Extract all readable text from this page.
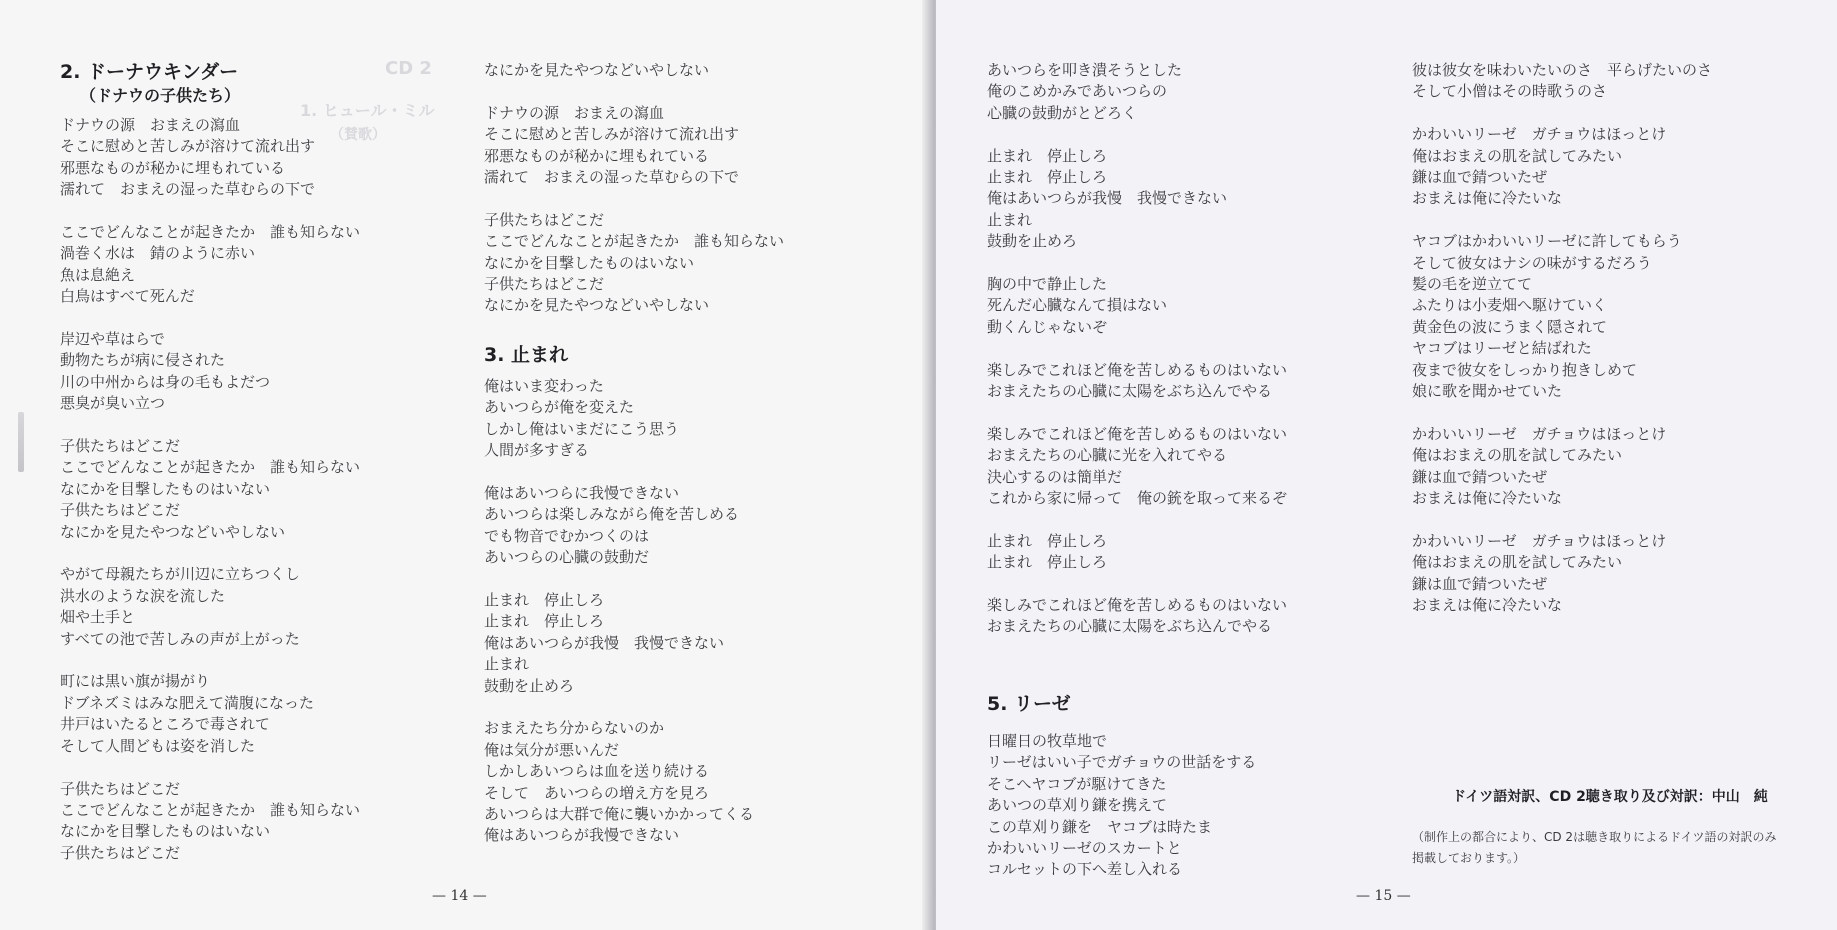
CD 2
1. ヒュール・ミル
（賛歌）
2. ドーナウキンダー
（ドナウの子供たち）
ドナウの源　おまえの瀉血
そこに慰めと苦しみが溶けて流れ出す
邪悪なものが秘かに埋もれている
濡れて　おまえの湿った草むらの下で
ここでどんなことが起きたか　誰も知らない
渦巻く水は　錆のように赤い
魚は息絶え
白鳥はすべて死んだ
岸辺や草はらで
動物たちが病に侵された
川の中州からは身の毛もよだつ
悪臭が臭い立つ
子供たちはどこだ
ここでどんなことが起きたか　誰も知らない
なにかを目撃したものはいない
子供たちはどこだ
なにかを見たやつなどいやしない
やがて母親たちが川辺に立ちつくし
洪水のような涙を流した
畑や土手と
すべての池で苦しみの声が上がった
町には黒い旗が揚がり
ドブネズミはみな肥えて満腹になった
井戸はいたるところで毒されて
そして人間どもは姿を消した
子供たちはどこだ
ここでどんなことが起きたか　誰も知らない
なにかを目撃したものはいない
子供たちはどこだ
なにかを見たやつなどいやしない
ドナウの源　おまえの瀉血
そこに慰めと苦しみが溶けて流れ出す
邪悪なものが秘かに埋もれている
濡れて　おまえの湿った草むらの下で
子供たちはどこだ
ここでどんなことが起きたか　誰も知らない
なにかを目撃したものはいない
子供たちはどこだ
なにかを見たやつなどいやしない
3. 止まれ
俺はいま変わった
あいつらが俺を変えた
しかし俺はいまだにこう思う
人間が多すぎる
俺はあいつらに我慢できない
あいつらは楽しみながら俺を苦しめる
でも物音でむかつくのは
あいつらの心臓の鼓動だ
止まれ　停止しろ
止まれ　停止しろ
俺はあいつらが我慢　我慢できない
止まれ
鼓動を止めろ
おまえたち分からないのか
俺は気分が悪いんだ
しかしあいつらは血を送り続ける
そして　あいつらの増え方を見ろ
あいつらは大群で俺に襲いかかってくる
俺はあいつらが我慢できない
— 14 —
あいつらを叩き潰そうとした
俺のこめかみであいつらの
心臓の鼓動がとどろく
止まれ　停止しろ
止まれ　停止しろ
俺はあいつらが我慢　我慢できない
止まれ
鼓動を止めろ
胸の中で静止した
死んだ心臓なんて損はない
動くんじゃないぞ
楽しみでこれほど俺を苦しめるものはいない
おまえたちの心臓に太陽をぶち込んでやる
楽しみでこれほど俺を苦しめるものはいない
おまえたちの心臓に光を入れてやる
決心するのは簡単だ
これから家に帰って　俺の銃を取って来るぞ
止まれ　停止しろ
止まれ　停止しろ
楽しみでこれほど俺を苦しめるものはいない
おまえたちの心臓に太陽をぶち込んでやる
5. リーゼ
日曜日の牧草地で
リーゼはいい子でガチョウの世話をする
そこへヤコブが駆けてきた
あいつの草刈り鎌を携えて
この草刈り鎌を　ヤコブは時たま
かわいいリーゼのスカートと
コルセットの下へ差し入れる
彼は彼女を味わいたいのさ　平らげたいのさ
そして小僧はその時歌うのさ
かわいいリーゼ　ガチョウはほっとけ
俺はおまえの肌を試してみたい
鎌は血で錆ついたぜ
おまえは俺に冷たいな
ヤコブはかわいいリーゼに許してもらう
そして彼女はナシの味がするだろう
髪の毛を逆立てて
ふたりは小麦畑へ駆けていく
黄金色の波にうまく隠されて
ヤコブはリーゼと結ばれた
夜まで彼女をしっかり抱きしめて
娘に歌を聞かせていた
かわいいリーゼ　ガチョウはほっとけ
俺はおまえの肌を試してみたい
鎌は血で錆ついたぜ
おまえは俺に冷たいな
かわいいリーゼ　ガチョウはほっとけ
俺はおまえの肌を試してみたい
鎌は血で錆ついたぜ
おまえは俺に冷たいな
— 15 —
ドイツ語対訳、CD 2聴き取り及び対訳：中山　純
（制作上の都合により、CD 2は聴き取りによるドイツ語の対訳のみ
掲載しております。）
